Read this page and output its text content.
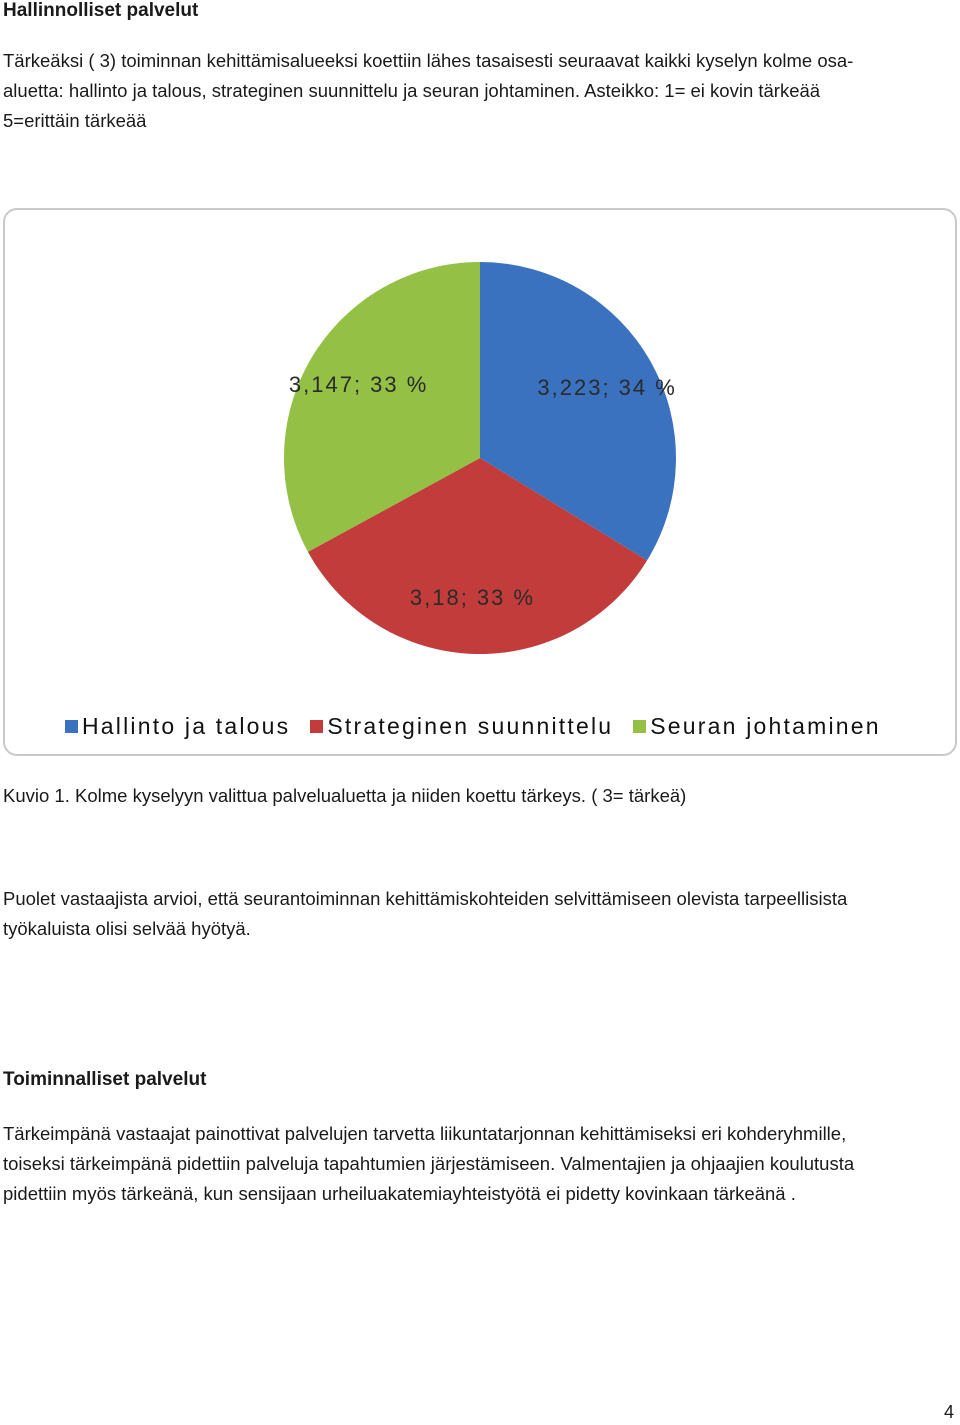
Hallinnolliset palvelut
Tärkeäksi ( 3) toiminnan kehittämisalueeksi koettiin lähes tasaisesti seuraavat kaikki kyselyn kolme osa-
aluetta: hallinto ja talous, strateginen suunnittelu ja seuran johtaminen. Asteikko: 1= ei kovin tärkeää
5=erittäin tärkeää
3,223; 34 %
3,18; 33 %
3,147; 33 %
Hallinto ja talous Strateginen suunnittelu Seuran johtaminen
Kuvio 1. Kolme kyselyyn valittua palvelualuetta ja niiden koettu tärkeys. ( 3= tärkeä)
Puolet vastaajista arvioi, että seurantoiminnan kehittämiskohteiden selvittämiseen olevista tarpeellisista
työkaluista olisi selvää hyötyä.
Toiminnalliset palvelut
Tärkeimpänä vastaajat painottivat palvelujen tarvetta liikuntatarjonnan kehittämiseksi eri kohderyhmille,
toiseksi tärkeimpänä pidettiin palveluja tapahtumien järjestämiseen. Valmentajien ja ohjaajien koulutusta
pidettiin myös tärkeänä, kun sensijaan urheiluakatemiayhteistyötä ei pidetty kovinkaan tärkeänä .
4
